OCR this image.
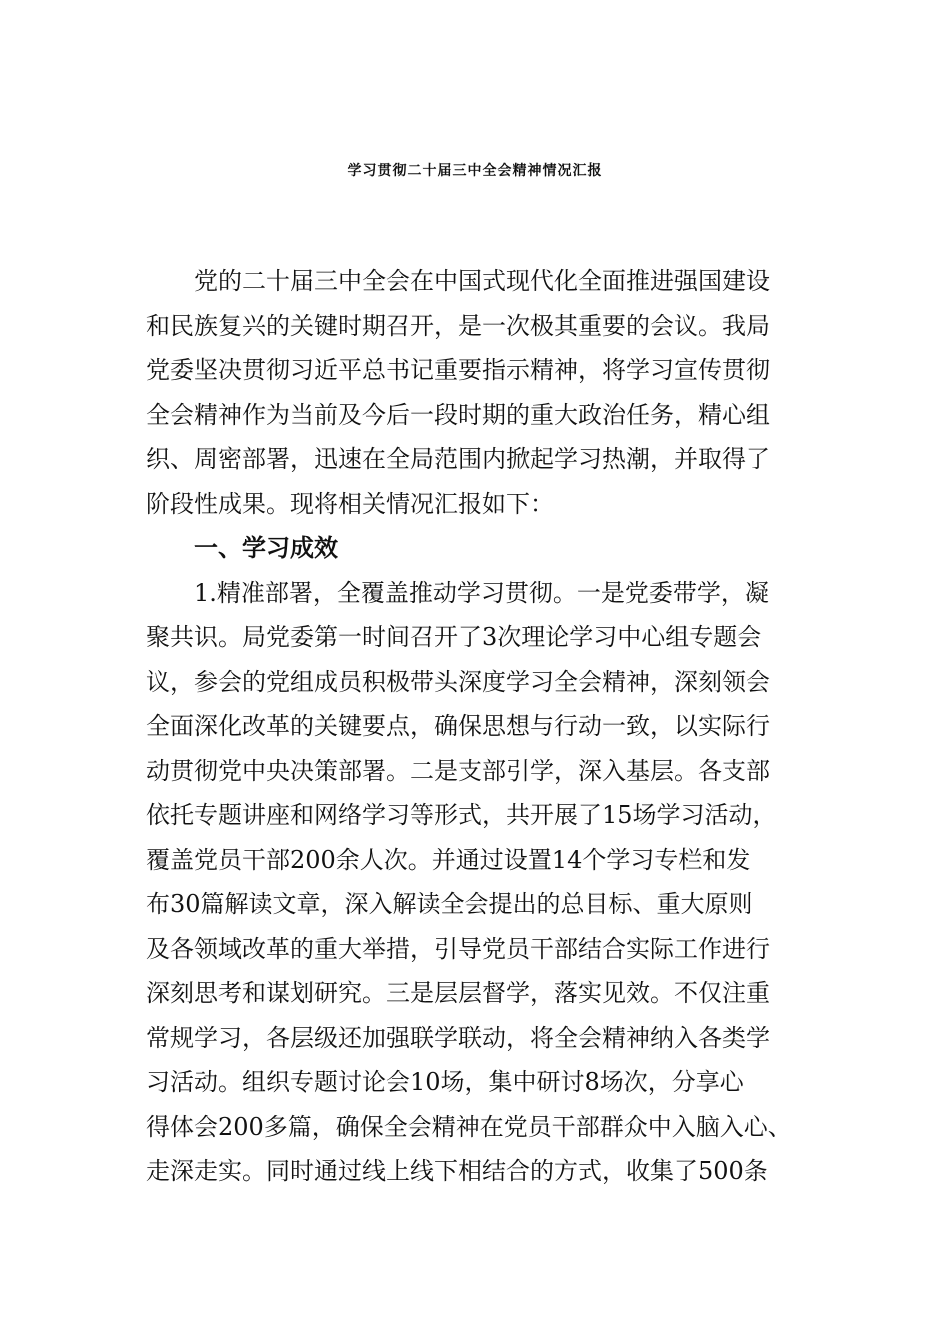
学习贯彻二十届三中全会精神情况汇报
党的二十届三中全会在中国式现代化全面推进强国建设
和民族复兴的关键时期召开，是一次极其重要的会议。我局
党委坚决贯彻习近平总书记重要指示精神，将学习宣传贯彻
全会精神作为当前及今后一段时期的重大政治任务，精心组
织、周密部署，迅速在全局范围内掀起学习热潮，并取得了
阶段性成果。现将相关情况汇报如下：
一、学习成效
1.精准部署，全覆盖推动学习贯彻。一是党委带学，凝
聚共识。局党委第一时间召开了3次理论学习中心组专题会
议，参会的党组成员积极带头深度学习全会精神，深刻领会
全面深化改革的关键要点，确保思想与行动一致，以实际行
动贯彻党中央决策部署。二是支部引学，深入基层。各支部
依托专题讲座和网络学习等形式，共开展了15场学习活动，
覆盖党员干部200余人次。并通过设置14个学习专栏和发
布30篇解读文章，深入解读全会提出的总目标、重大原则
及各领域改革的重大举措，引导党员干部结合实际工作进行
深刻思考和谋划研究。三是层层督学，落实见效。不仅注重
常规学习，各层级还加强联学联动，将全会精神纳入各类学
习活动。组织专题讨论会10场，集中研讨8场次，分享心
得体会200多篇，确保全会精神在党员干部群众中入脑入心、
走深走实。同时通过线上线下相结合的方式，收集了500条
